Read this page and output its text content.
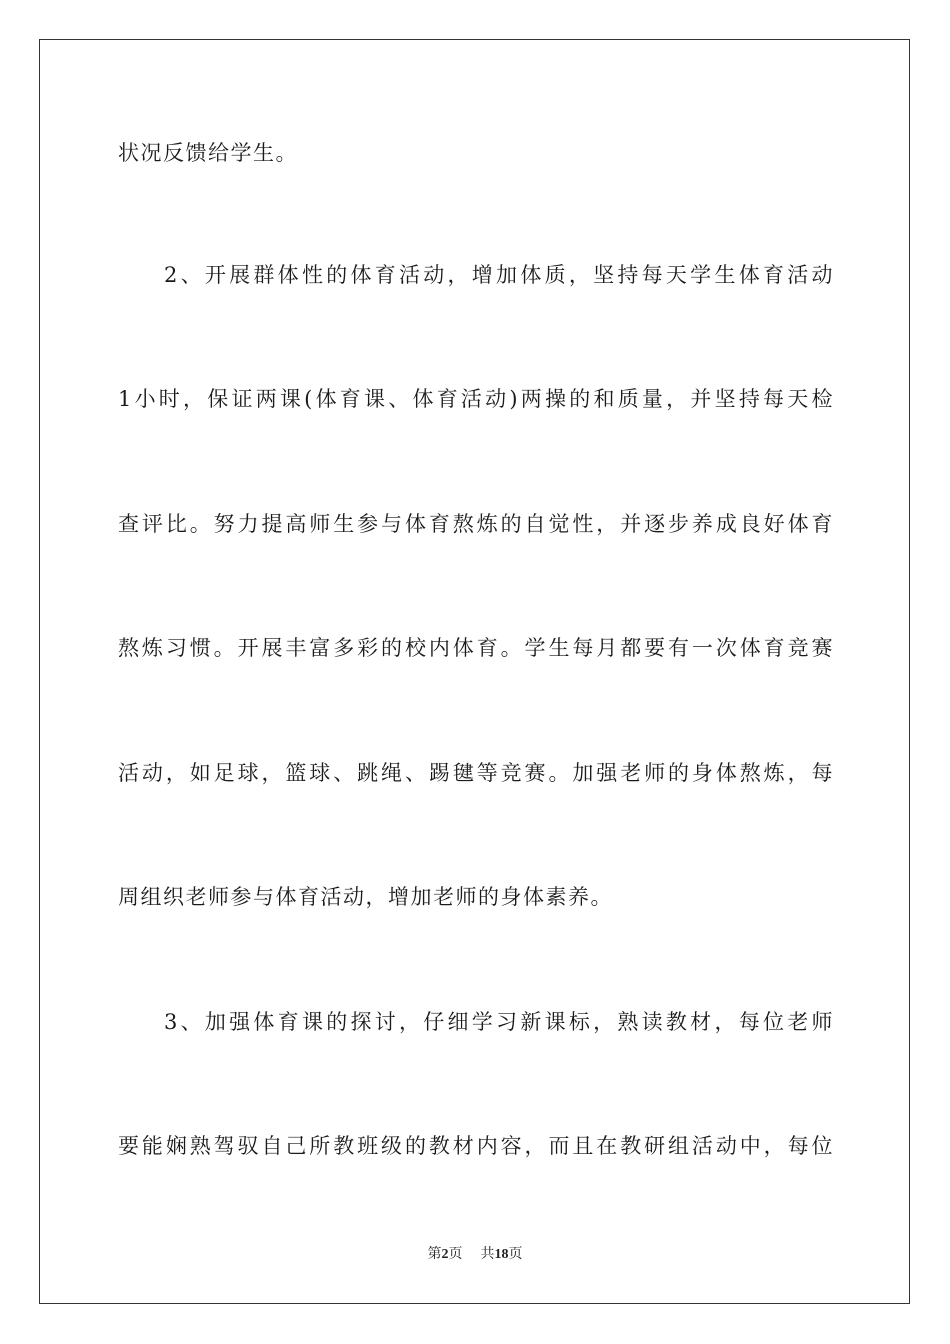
状况反馈给学生。
2、开展群体性的体育活动，增加体质，坚持每天学生体育活动
1小时，保证两课(体育课、体育活动)两操的和质量，并坚持每天检
查评比。努力提高师生参与体育熬炼的自觉性，并逐步养成良好体育
熬炼习惯。开展丰富多彩的校内体育。学生每月都要有一次体育竞赛
活动，如足球，篮球、跳绳、踢毽等竞赛。加强老师的身体熬炼，每
周组织老师参与体育活动，增加老师的身体素养。
3、加强体育课的探讨，仔细学习新课标，熟读教材，每位老师
要能娴熟驾驭自己所教班级的教材内容，而且在教研组活动中，每位
第2页 共18页
